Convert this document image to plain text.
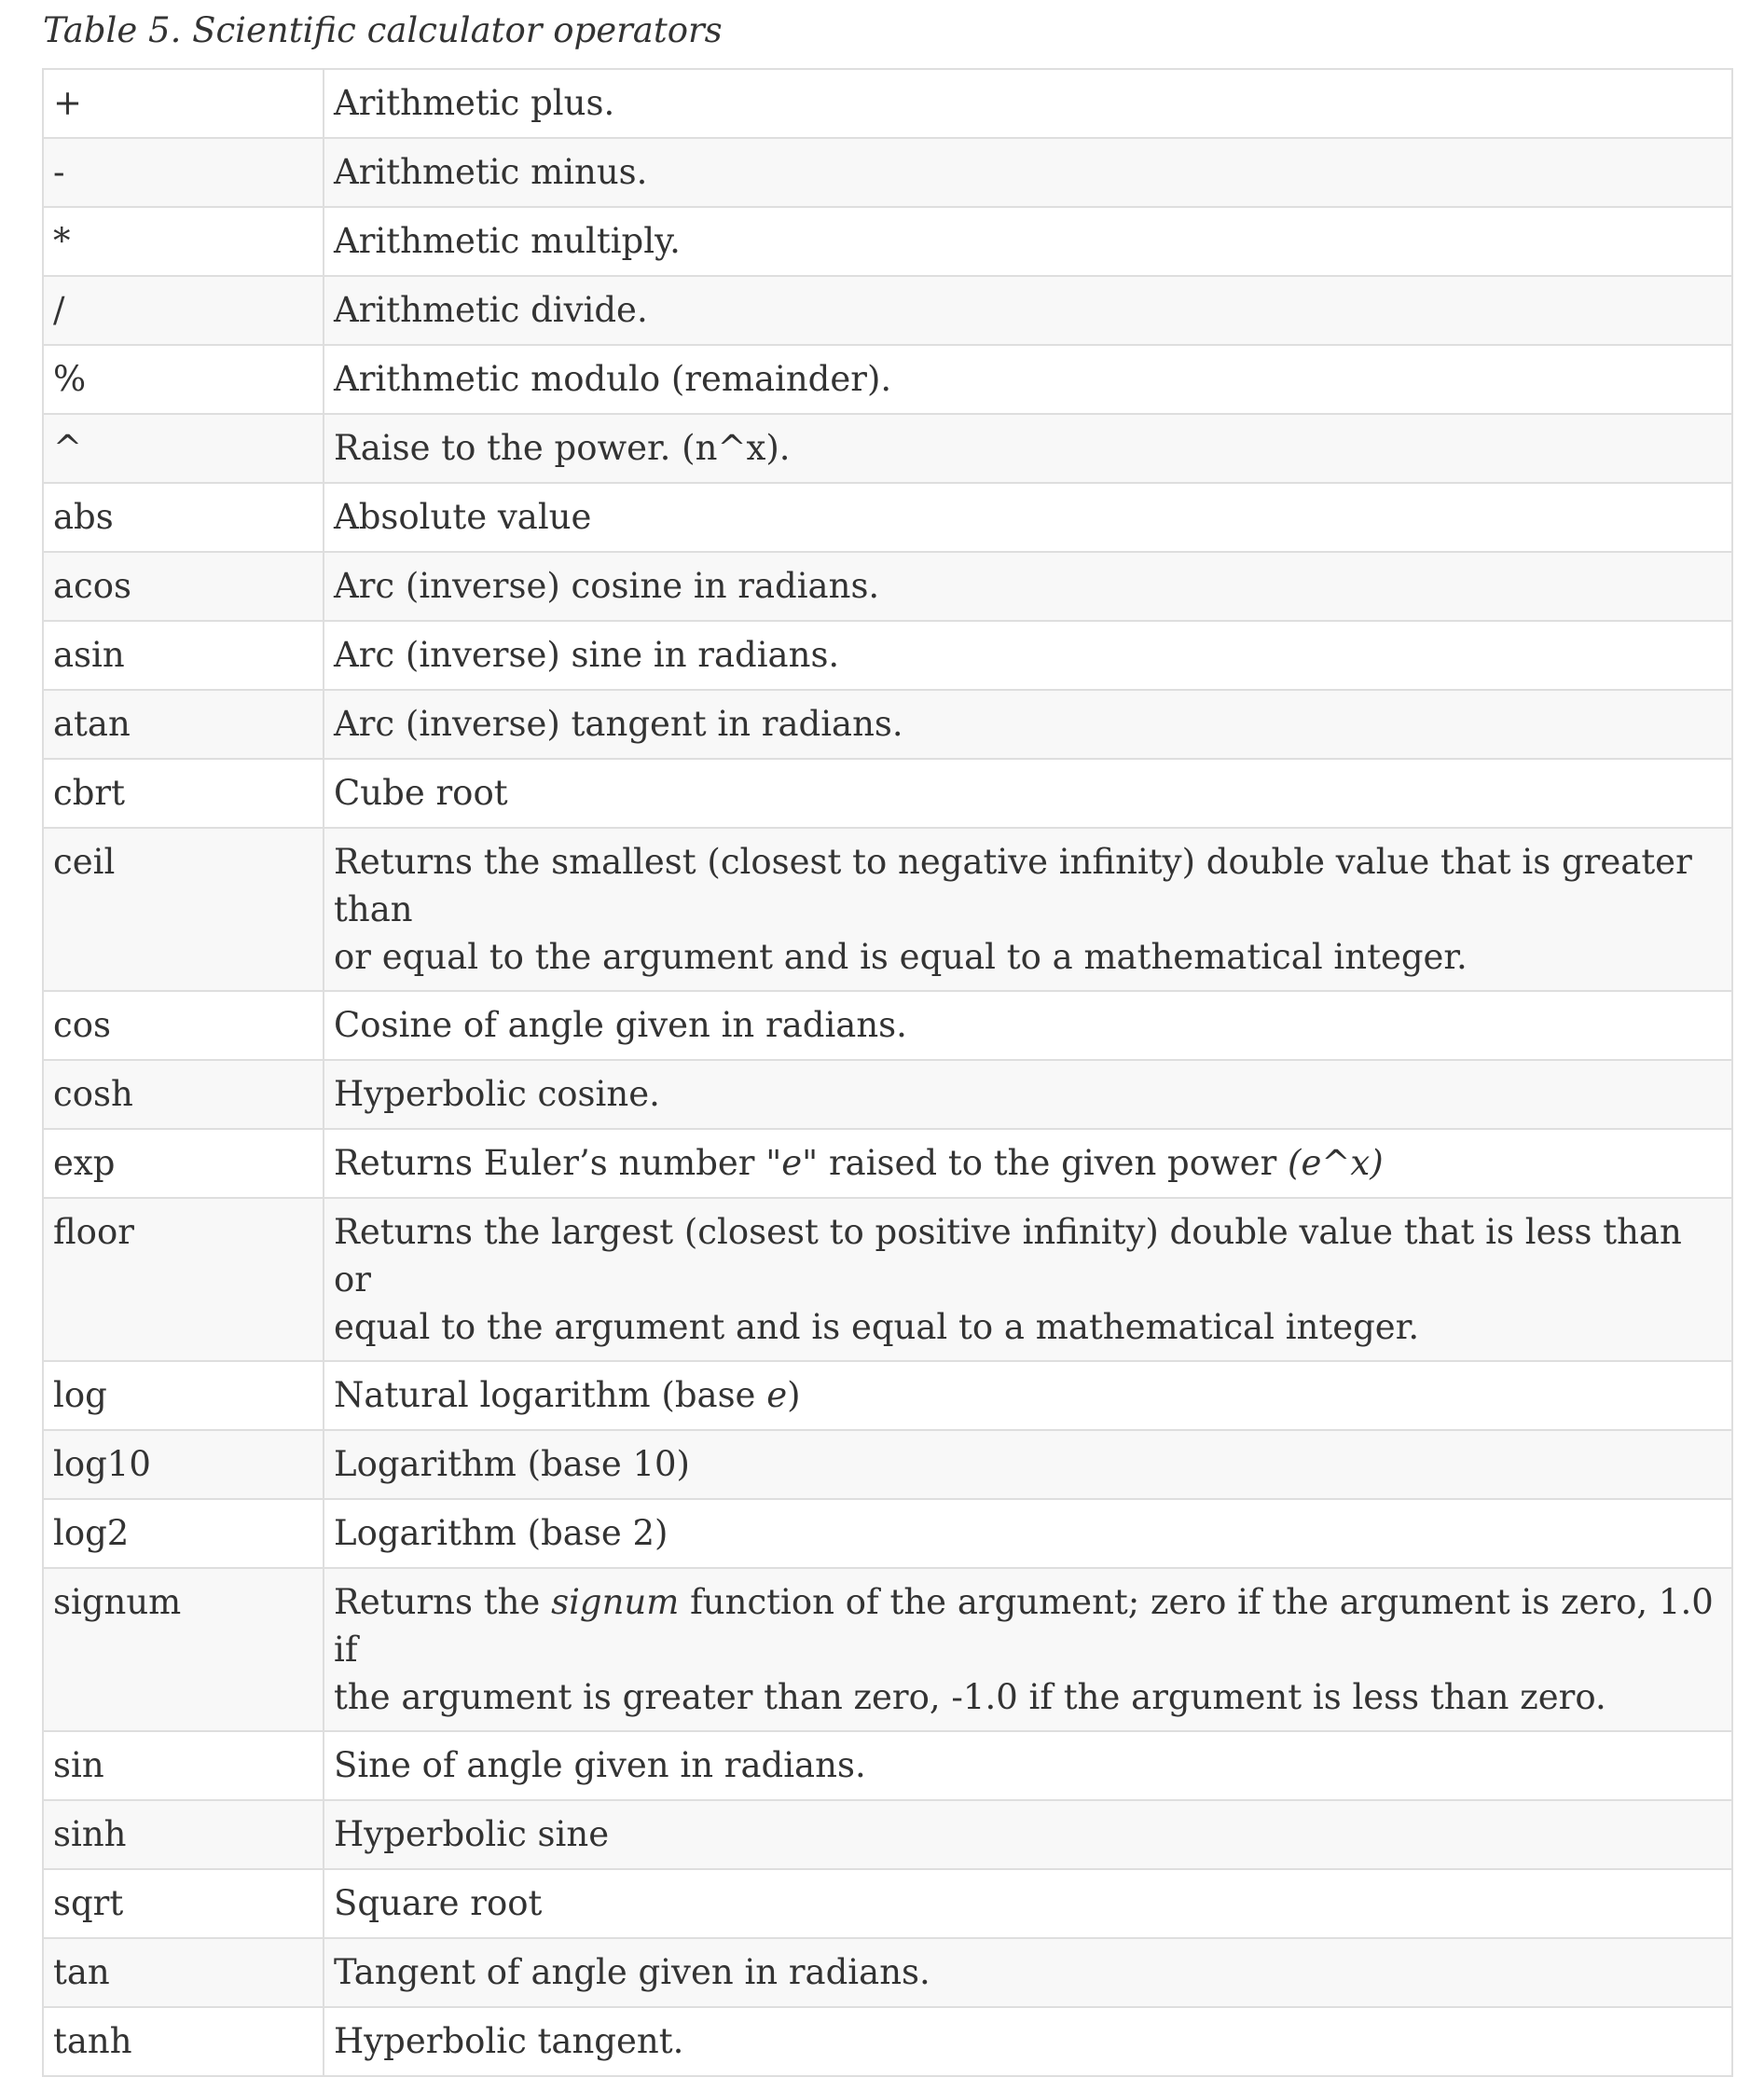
Table 5. Scientific calculator operators
+	Arithmetic plus.
-	Arithmetic minus.
*	Arithmetic multiply.
/	Arithmetic divide.
%	Arithmetic modulo (remainder).
^	Raise to the power. (n^x).
abs	Absolute value
acos	Arc (inverse) cosine in radians.
asin	Arc (inverse) sine in radians.
atan	Arc (inverse) tangent in radians.
cbrt	Cube root
ceil	Returns the smallest (closest to negative infinity) double value that is greater than
or equal to the argument and is equal to a mathematical integer.
cos	Cosine of angle given in radians.
cosh	Hyperbolic cosine.
exp	Returns Euler’s number "e" raised to the given power (e^x)
floor	Returns the largest (closest to positive infinity) double value that is less than or
equal to the argument and is equal to a mathematical integer.
log	Natural logarithm (base e)
log10	Logarithm (base 10)
log2	Logarithm (base 2)
signum	Returns the signum function of the argument; zero if the argument is zero, 1.0 if
the argument is greater than zero, -1.0 if the argument is less than zero.
sin	Sine of angle given in radians.
sinh	Hyperbolic sine
sqrt	Square root
tan	Tangent of angle given in radians.
tanh	Hyperbolic tangent.
